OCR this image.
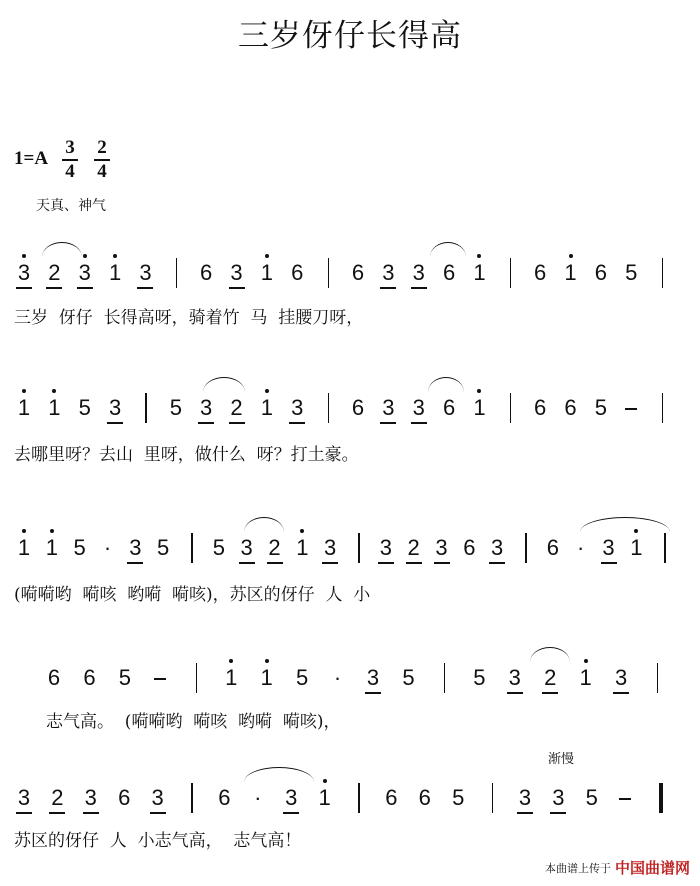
三岁伢仔长得高
1=A
3
4
2
4
天真、神气
3 2 3 1 3 6 3 1 6 6 3 3 6 1 6 1 6 5
1 1 5 3 5 3 2 1 3 6 3 3 6 1 6 6 5
1 1 5 · 3 5 5 3 2 1 3 3 2 3 6 3 6 · 3 1
6 6 5	1 1 5 · 3 5	5 3 2 1 3
3 2 3 6 3 6 · 3 1 6 6 5 3 3 5
三岁  伢仔  长得高呀，骑着竹  马  挂腰刀呀，
去哪里呀？去山  里呀，做什么  呀？打土豪。
(嗬嗬哟  嗬咳  哟嗬  嗬咳)，苏区的伢仔  人  小
志气高。  (嗬嗬哟  嗬咳  哟嗬  嗬咳)，
苏区的伢仔  人  小志气高，  志气高！
渐慢
本曲谱上传于 中国曲谱网
